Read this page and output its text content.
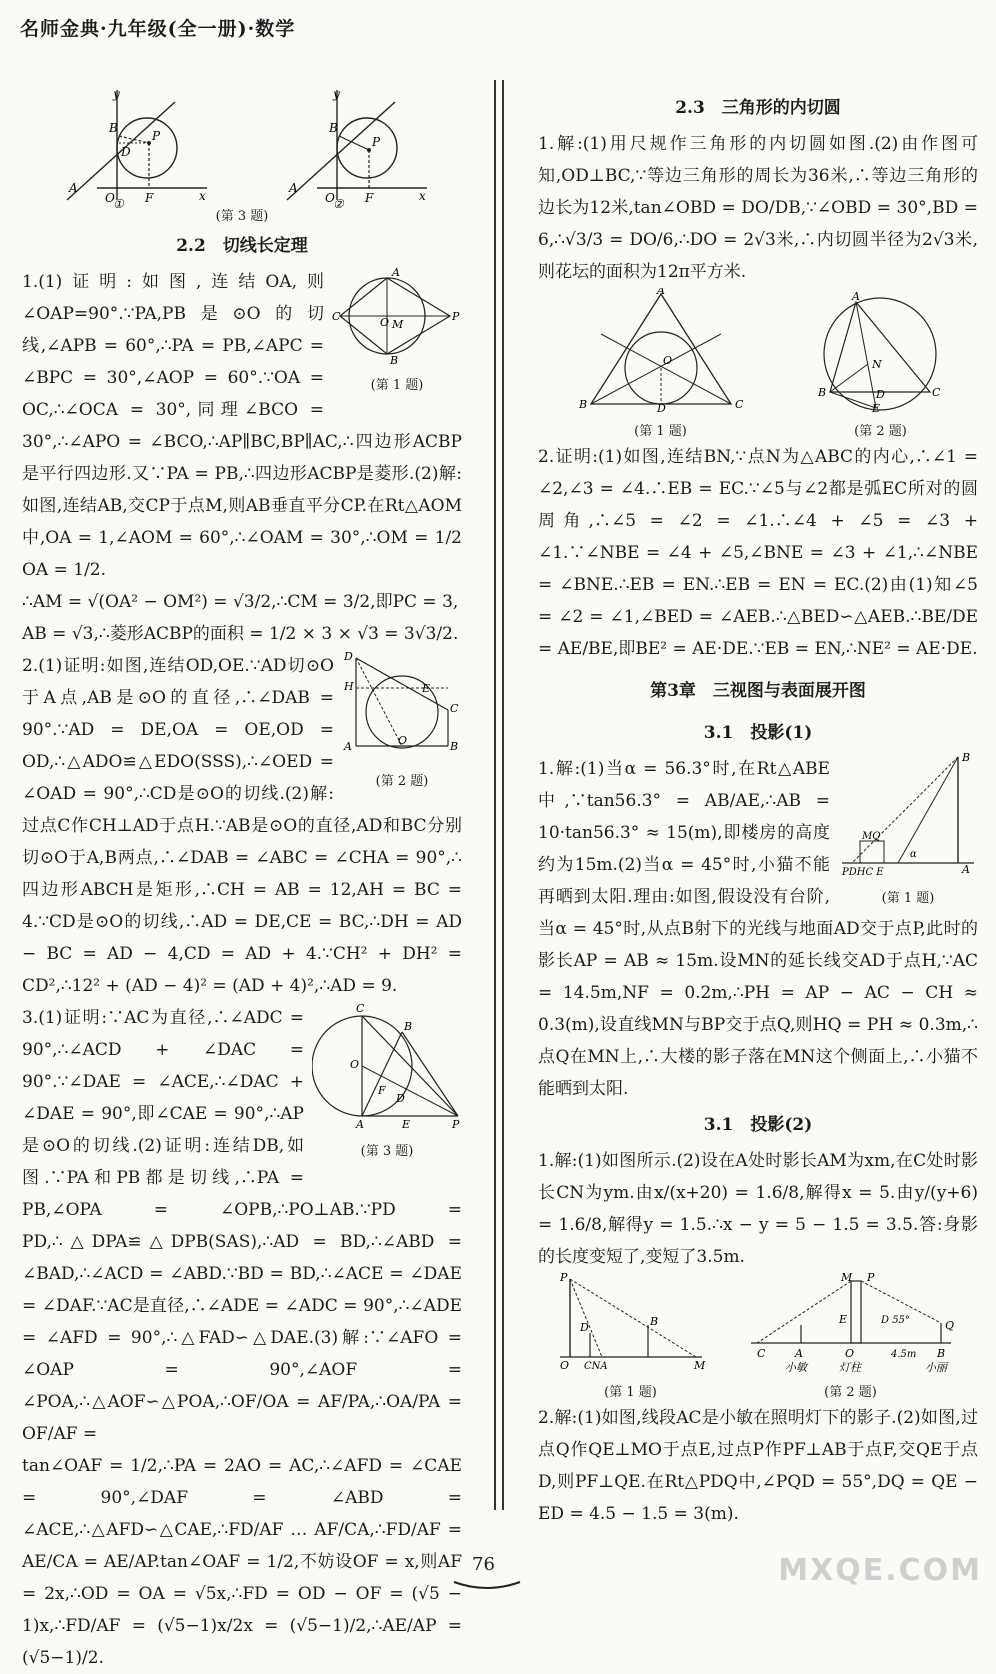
名师金典·九年级(全一册)·数学
y
x
A
B
D
P
O	F
①
y
x
A
B
P
O	F
②
(第 3 题)
2.2　切线长定理
A
C	P
O M
B
(第 1 题)

1.(1)证明:如图,连结OA,则∠OAP=90°.∵PA,PB是⊙O的切线,∠APB = 60°,∴PA = PB,∠APC = ∠BPC = 30°,∠AOP = 60°.∵OA = OC,∴∠OCA = 30°,同理∠BCO = 30°,∴∠APO = ∠BCO,∴AP∥BC,BP∥AC,∴四边形ACBP是平行四边形.又∵PA = PB,∴四边形ACBP是菱形.(2)解:如图,连结AB,交CP于点M,则AB垂直平分CP.在Rt△AOM中,OA = 1,∠AOM = 60°,∴∠OAM = 30°,∴OM = 1/2 OA = 1/2.

∴AM = √(OA² − OM²) = √3/2,∴CM = 3/2,即PC = 3,

AB = √3,∴菱形ACBP的面积 = 1/2 × 3 × √3 = 3√3/2.

D
E
C
H
O
A	B
(第 2 题)

2.(1)证明:如图,连结OD,OE.∵AD切⊙O于A点,AB是⊙O的直径,∴∠DAB = 90°.∵AD = DE,OA = OE,OD = OD,∴△ADO≌△EDO(SSS),∴∠OED = ∠OAD = 90°,∴CD是⊙O的切线.(2)解:过点C作CH⊥AD于点H.∵AB是⊙O的直径,AD和BC分别切⊙O于A,B两点,∴∠DAB = ∠ABC = ∠CHA = 90°,∴四边形ABCH是矩形,∴CH = AB = 12,AH = BC = 4.∵CD是⊙O的切线,∴AD = DE,CE = BC,∴DH = AD − BC = AD − 4,CD = AD + 4.∵CH² + DH² = CD²,∴12² + (AD − 4)² = (AD + 4)²,∴AD = 9.

C
B
O
F
D
A	E	P
(第 3 题)

3.(1)证明:∵AC为直径,∴∠ADC = 90°,∴∠ACD + ∠DAC = 90°.∵∠DAE = ∠ACE,∴∠DAC + ∠DAE = 90°,即∠CAE = 90°,∴AP是⊙O的切线.(2)证明:连结DB,如图.∵PA和PB都是切线,∴PA = PB,∠OPA = ∠OPB,∴PO⊥AB.∵PD = PD,∴△DPA≌△DPB(SAS),∴AD = BD,∴∠ABD = ∠BAD,∴∠ACD = ∠ABD.∵BD = BD,∴∠ACE = ∠DAE = ∠DAF.∵AC是直径,∴∠ADE = ∠ADC = 90°,∴∠ADE = ∠AFD = 90°,∴△FAD∽△DAE.(3)解:∵∠AFO = ∠OAP = 90°,∠AOF = ∠POA,∴△AOF∽△POA,∴OF/OA = AF/PA,∴OA/PA = OF/AF =

tan∠OAF = 1/2,∴PA = 2AO = AC,∴∠AFD = ∠CAE = 90°,∠DAF = ∠ABD = ∠ACE,∴△AFD∽△CAE,∴FD/AF … AF/CA,∴FD/AF = AE/CA = AE/AP.tan∠OAF = 1/2,不妨设OF = x,则AF = 2x,∴OD = OA = √5x,∴FD = OD − OF = (√5 − 1)x,∴FD/AF = (√5−1)x/2x = (√5−1)/2,∴AE/AP = (√5−1)/2.

2.3　三角形的内切圆

1.解:(1)用尺规作三角形的内切圆如图.(2)由作图可知,OD⊥BC,∵等边三角形的周长为36米,∴等边三角形的边长为12米,tan∠OBD = DO/DB,∵∠OBD = 30°,BD = 6,∴√3/3 = DO/6,∴DO = 2√3米,∴内切圆半径为2√3米,则花坛的面积为12π平方米.

A
B	C
O
D
(第 1 题)
A
B	C
N
D
E
(第 2 题)

2.证明:(1)如图,连结BN,∵点N为△ABC的内心,∴∠1 = ∠2,∠3 = ∠4.∴EB = EC.∵∠5与∠2都是弧EC所对的圆周角,∴∠5 = ∠2 = ∠1.∴∠4 + ∠5 = ∠3 + ∠1.∵∠NBE = ∠4 + ∠5,∠BNE = ∠3 + ∠1,∴∠NBE = ∠BNE.∴EB = EN.∴EB = EN = EC.(2)由(1)知∠5 = ∠2 = ∠1,∠BED = ∠AEB.∴△BED∽△AEB.∴BE/DE = AE/BE,即BE² = AE·DE.∵EB = EN,∴NE² = AE·DE.

第3章　三视图与表面展开图
3.1　投影(1)
B
A
PDHC E
MQ
α
(第 1 题)

1.解:(1)当α = 56.3°时,在Rt△ABE中,∵tan56.3° = AB/AE,∴AB = 10·tan56.3° ≈ 15(m),即楼房的高度约为15m.(2)当α = 45°时,小猫不能再晒到太阳.理由:如图,假设没有台阶,当α = 45°时,从点B射下的光线与地面AD交于点P,此时的影长AP = AB ≈ 15m.设MN的延长线交AD于点H,∵AC = 14.5m,NF = 0.2m,∴PH = AP − AC − CH ≈ 0.3(m),设直线MN与BP交于点Q,则HQ = PH ≈ 0.3m,∴点Q在MN上,∴大楼的影子落在MN这个侧面上,∴小猫不能晒到太阳.

3.1　投影(2)

1.解:(1)如图所示.(2)设在A处时影长AM为xm,在C处时影长CN为ym.由x/(x+20) = 1.6/8,解得x = 5.由y/(y+6) = 1.6/8,解得y = 1.5.∴x − y = 5 − 1.5 = 3.5.答:身影的长度变短了,变短了3.5m.

P
D	B
O CNA	M
(第 1 题)
M P
E	Q
D 55°
C	A	O	B
4.5m
小敏	灯柱	小丽
(第 2 题)

2.解:(1)如图,线段AC是小敏在照明灯下的影子.(2)如图,过点Q作QE⊥MO于点E,过点P作PF⊥AB于点F,交QE于点D,则PF⊥QE.在Rt△PDQ中,∠PQD = 55°,DQ = QE − ED = 4.5 − 1.5 = 3(m).

76	MXQE.COM
